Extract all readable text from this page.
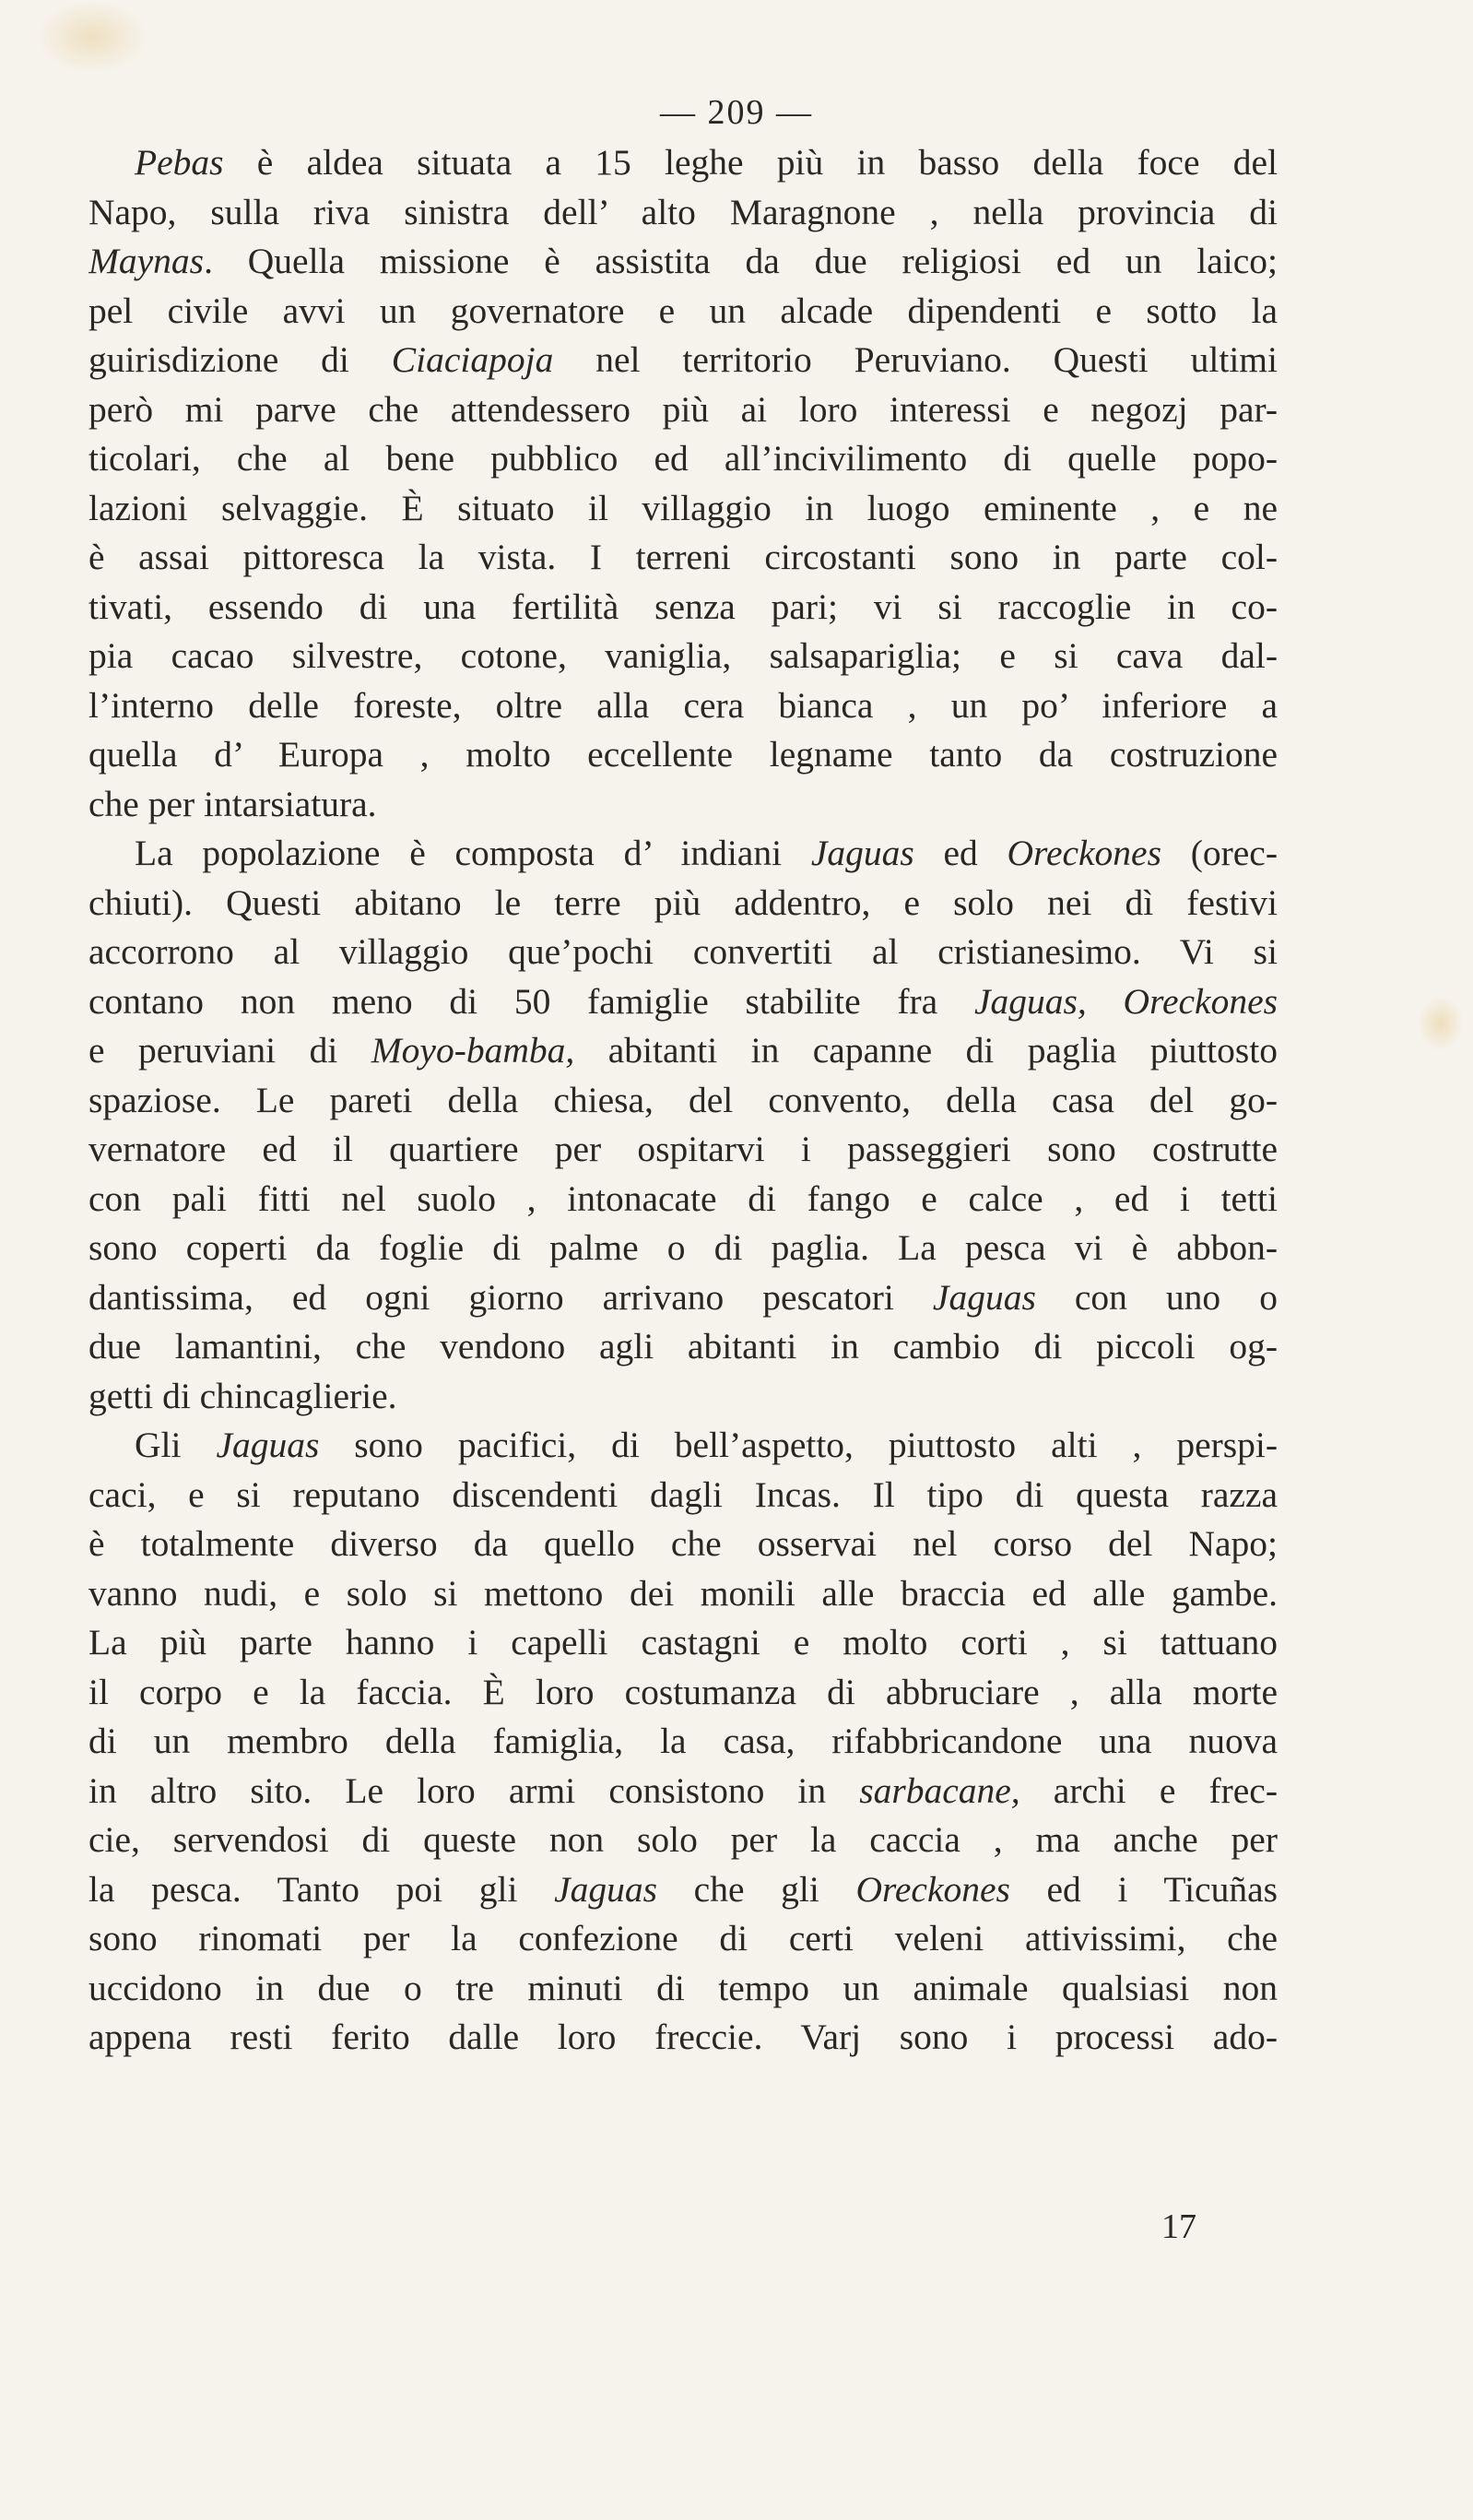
— 209 —
Pebas è aldea situata a 15 leghe più in basso della foce del
Napo, sulla riva sinistra dell’ alto Maragnone , nella provincia di
Maynas. Quella missione è assistita da due religiosi ed un laico;
pel civile avvi un governatore e un alcade dipendenti e sotto la
guirisdizione di Ciaciapoja nel territorio Peruviano. Questi ultimi
però mi parve che attendessero più ai loro interessi e negozj par-
ticolari, che al bene pubblico ed all’incivilimento di quelle popo-
lazioni selvaggie. È situato il villaggio in luogo eminente , e ne
è assai pittoresca la vista. I terreni circostanti sono in parte col-
tivati, essendo di una fertilità senza pari; vi si raccoglie in co-
pia cacao silvestre, cotone, vaniglia, salsapariglia; e si cava dal-
l’interno delle foreste, oltre alla cera bianca , un po’ inferiore a
quella d’ Europa , molto eccellente legname tanto da costruzione
che per intarsiatura.
La popolazione è composta d’ indiani Jaguas ed Oreckones (orec-
chiuti). Questi abitano le terre più addentro, e solo nei dì festivi
accorrono al villaggio que’pochi convertiti al cristianesimo. Vi si
contano non meno di 50 famiglie stabilite fra Jaguas, Oreckones
e peruviani di Moyo-bamba, abitanti in capanne di paglia piuttosto
spaziose. Le pareti della chiesa, del convento, della casa del go-
vernatore ed il quartiere per ospitarvi i passeggieri sono costrutte
con pali fitti nel suolo , intonacate di fango e calce , ed i tetti
sono coperti da foglie di palme o di paglia. La pesca vi è abbon-
dantissima, ed ogni giorno arrivano pescatori Jaguas con uno o
due lamantini, che vendono agli abitanti in cambio di piccoli og-
getti di chincaglierie.
Gli Jaguas sono pacifici, di bell’aspetto, piuttosto alti , perspi-
caci, e si reputano discendenti dagli Incas. Il tipo di questa razza
è totalmente diverso da quello che osservai nel corso del Napo;
vanno nudi, e solo si mettono dei monili alle braccia ed alle gambe.
La più parte hanno i capelli castagni e molto corti , si tattuano
il corpo e la faccia. È loro costumanza di abbruciare , alla morte
di un membro della famiglia, la casa, rifabbricandone una nuova
in altro sito. Le loro armi consistono in sarbacane, archi e frec-
cie, servendosi di queste non solo per la caccia , ma anche per
la pesca. Tanto poi gli Jaguas che gli Oreckones ed i Ticuñas
sono rinomati per la confezione di certi veleni attivissimi, che
uccidono in due o tre minuti di tempo un animale qualsiasi non
appena resti ferito dalle loro freccie. Varj sono i processi ado-
17
